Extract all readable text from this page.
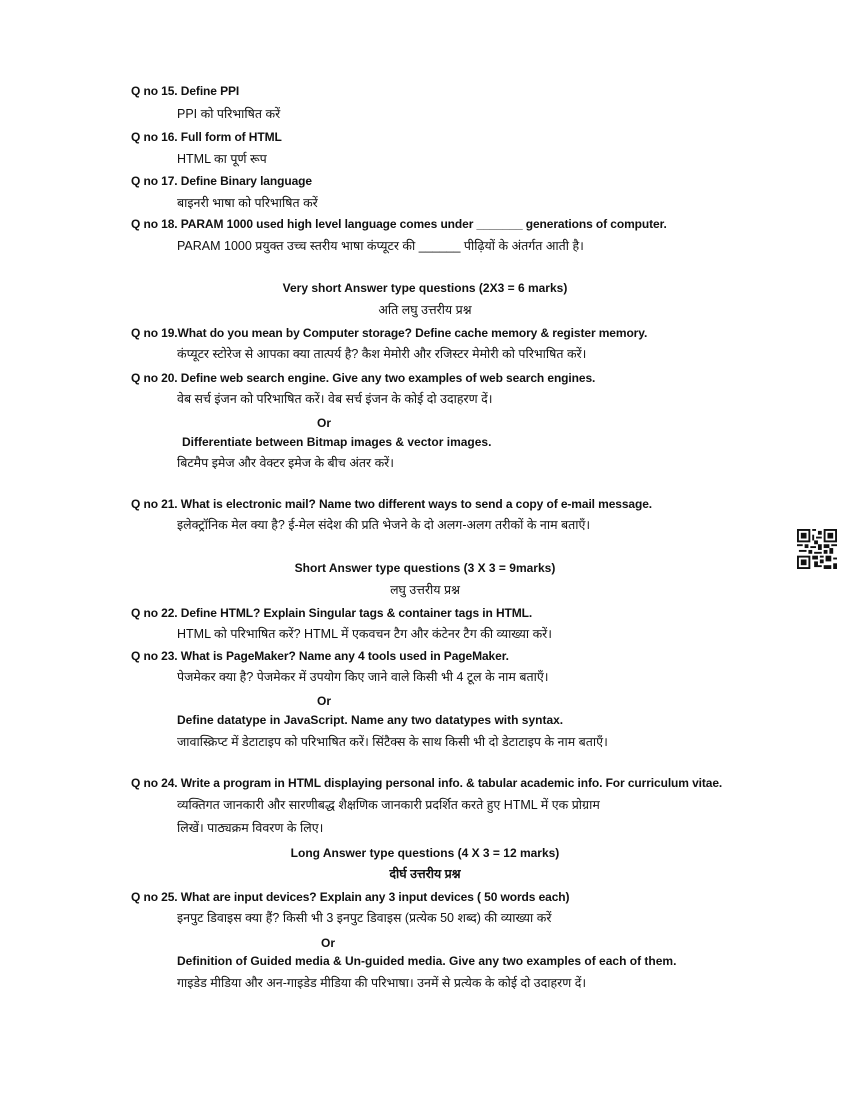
Q no 15. Define PPI
PPI को परिभाषित करें
Q no 16. Full form of HTML
HTML का पूर्ण रूप
Q no 17. Define Binary language
बाइनरी भाषा को परिभाषित करें
Q no 18. PARAM 1000 used high level language comes under _______ generations of computer.
PARAM 1000 प्रयुक्त उच्च स्तरीय भाषा कंप्यूटर की ______ पीढ़ियों के अंतर्गत आती है।
Very short Answer type questions (2X3 = 6 marks)
अति लघु उत्तरीय प्रश्न
Q no 19.What do you mean by Computer storage? Define cache memory & register memory.
कंप्यूटर स्टोरेज से आपका क्या तात्पर्य है? कैश मेमोरी और रजिस्टर मेमोरी को परिभाषित करें।
Q no 20. Define web search engine. Give any two examples of web search engines.
वेब सर्च इंजन को परिभाषित करें। वेब सर्च इंजन के कोई दो उदाहरण दें।
Or
Differentiate between Bitmap images & vector images.
बिटमैप इमेज और वेक्टर इमेज के बीच अंतर करें।
Q no 21. What is electronic mail? Name two different ways to send a copy of e-mail message.
इलेक्ट्रॉनिक मेल क्या है? ई-मेल संदेश की प्रति भेजने के दो अलग-अलग तरीकों के नाम बताएँ।
Short Answer type questions (3 X 3 = 9marks)
लघु उत्तरीय प्रश्न
Q no 22. Define HTML? Explain Singular tags & container tags in HTML.
HTML को परिभाषित करें? HTML में एकवचन टैग और कंटेनर टैग की व्याख्या करें।
Q no 23. What is PageMaker? Name any 4 tools used in PageMaker.
पेजमेकर क्या है? पेजमेकर में उपयोग किए जाने वाले किसी भी 4 टूल के नाम बताएँ।
Or
Define datatype in JavaScript. Name any two datatypes with syntax.
जावास्क्रिप्ट में डेटाटाइप को परिभाषित करें। सिंटैक्स के साथ किसी भी दो डेटाटाइप के नाम बताएँ।
Q no 24. Write a program in HTML displaying personal info. & tabular academic info. For curriculum vitae.
व्यक्तिगत जानकारी और सारणीबद्ध शैक्षणिक जानकारी प्रदर्शित करते हुए HTML में एक प्रोग्राम
लिखें। पाठ्यक्रम विवरण के लिए।
Long Answer type questions (4 X 3 = 12 marks)
दीर्घ उत्तरीय प्रश्न
Q no 25. What are input devices? Explain any 3 input devices ( 50 words each)
इनपुट डिवाइस क्या हैं? किसी भी 3 इनपुट डिवाइस (प्रत्येक 50 शब्द) की व्याख्या करें
Or
Definition of Guided media & Un-guided media. Give any two examples of each of them.
गाइडेड मीडिया और अन-गाइडेड मीडिया की परिभाषा। उनमें से प्रत्येक के कोई दो उदाहरण दें।
